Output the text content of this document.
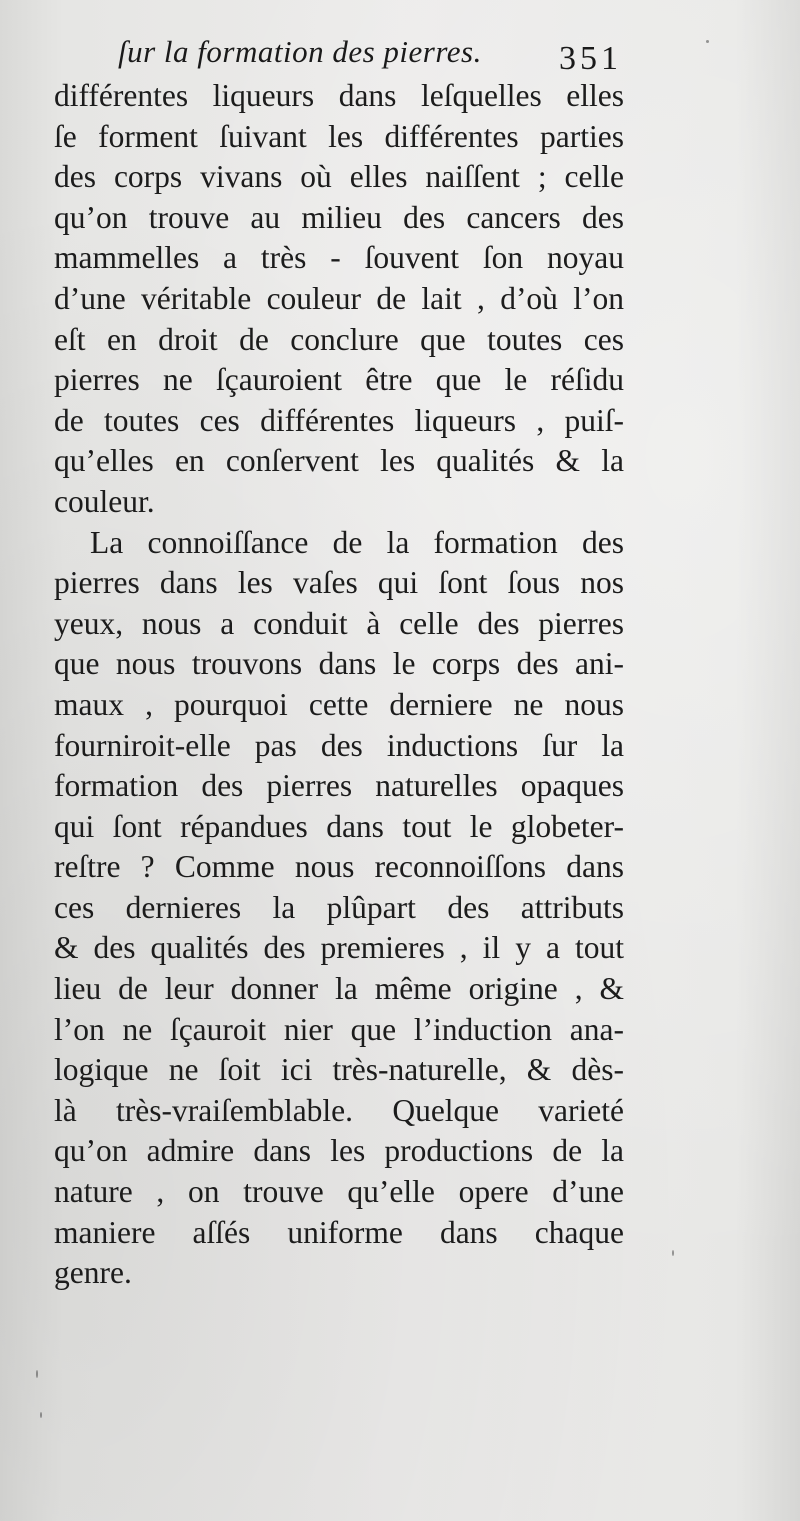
ſur la formation des pierres. 351
différentes liqueurs dans leſquelles elles
ſe forment ſuivant les différentes parties
des corps vivans où elles naiſſent ; celle
qu’on trouve au milieu des cancers des
mammelles a très - ſouvent ſon noyau
d’une véritable couleur de lait , d’où l’on
eſt en droit de conclure que toutes ces
pierres ne ſçauroient être que le réſidu
de toutes ces différentes liqueurs , puiſ-
qu’elles en conſervent les qualités & la
couleur.
La connoiſſance de la formation des
pierres dans les vaſes qui ſont ſous nos
yeux, nous a conduit à celle des pierres
que nous trouvons dans le corps des ani-
maux , pourquoi cette derniere ne nous
fourniroit-elle pas des inductions ſur la
formation des pierres naturelles opaques
qui ſont répandues dans tout le globeter-
reſtre ? Comme nous reconnoiſſons dans
ces dernieres la plûpart des attributs
& des qualités des premieres , il y a tout
lieu de leur donner la même origine , &
l’on ne ſçauroit nier que l’induction ana-
logique ne ſoit ici très-naturelle, & dès-
là très-vraiſemblable. Quelque varieté
qu’on admire dans les productions de la
nature , on trouve qu’elle opere d’une
maniere aſſés uniforme dans chaque
genre.
